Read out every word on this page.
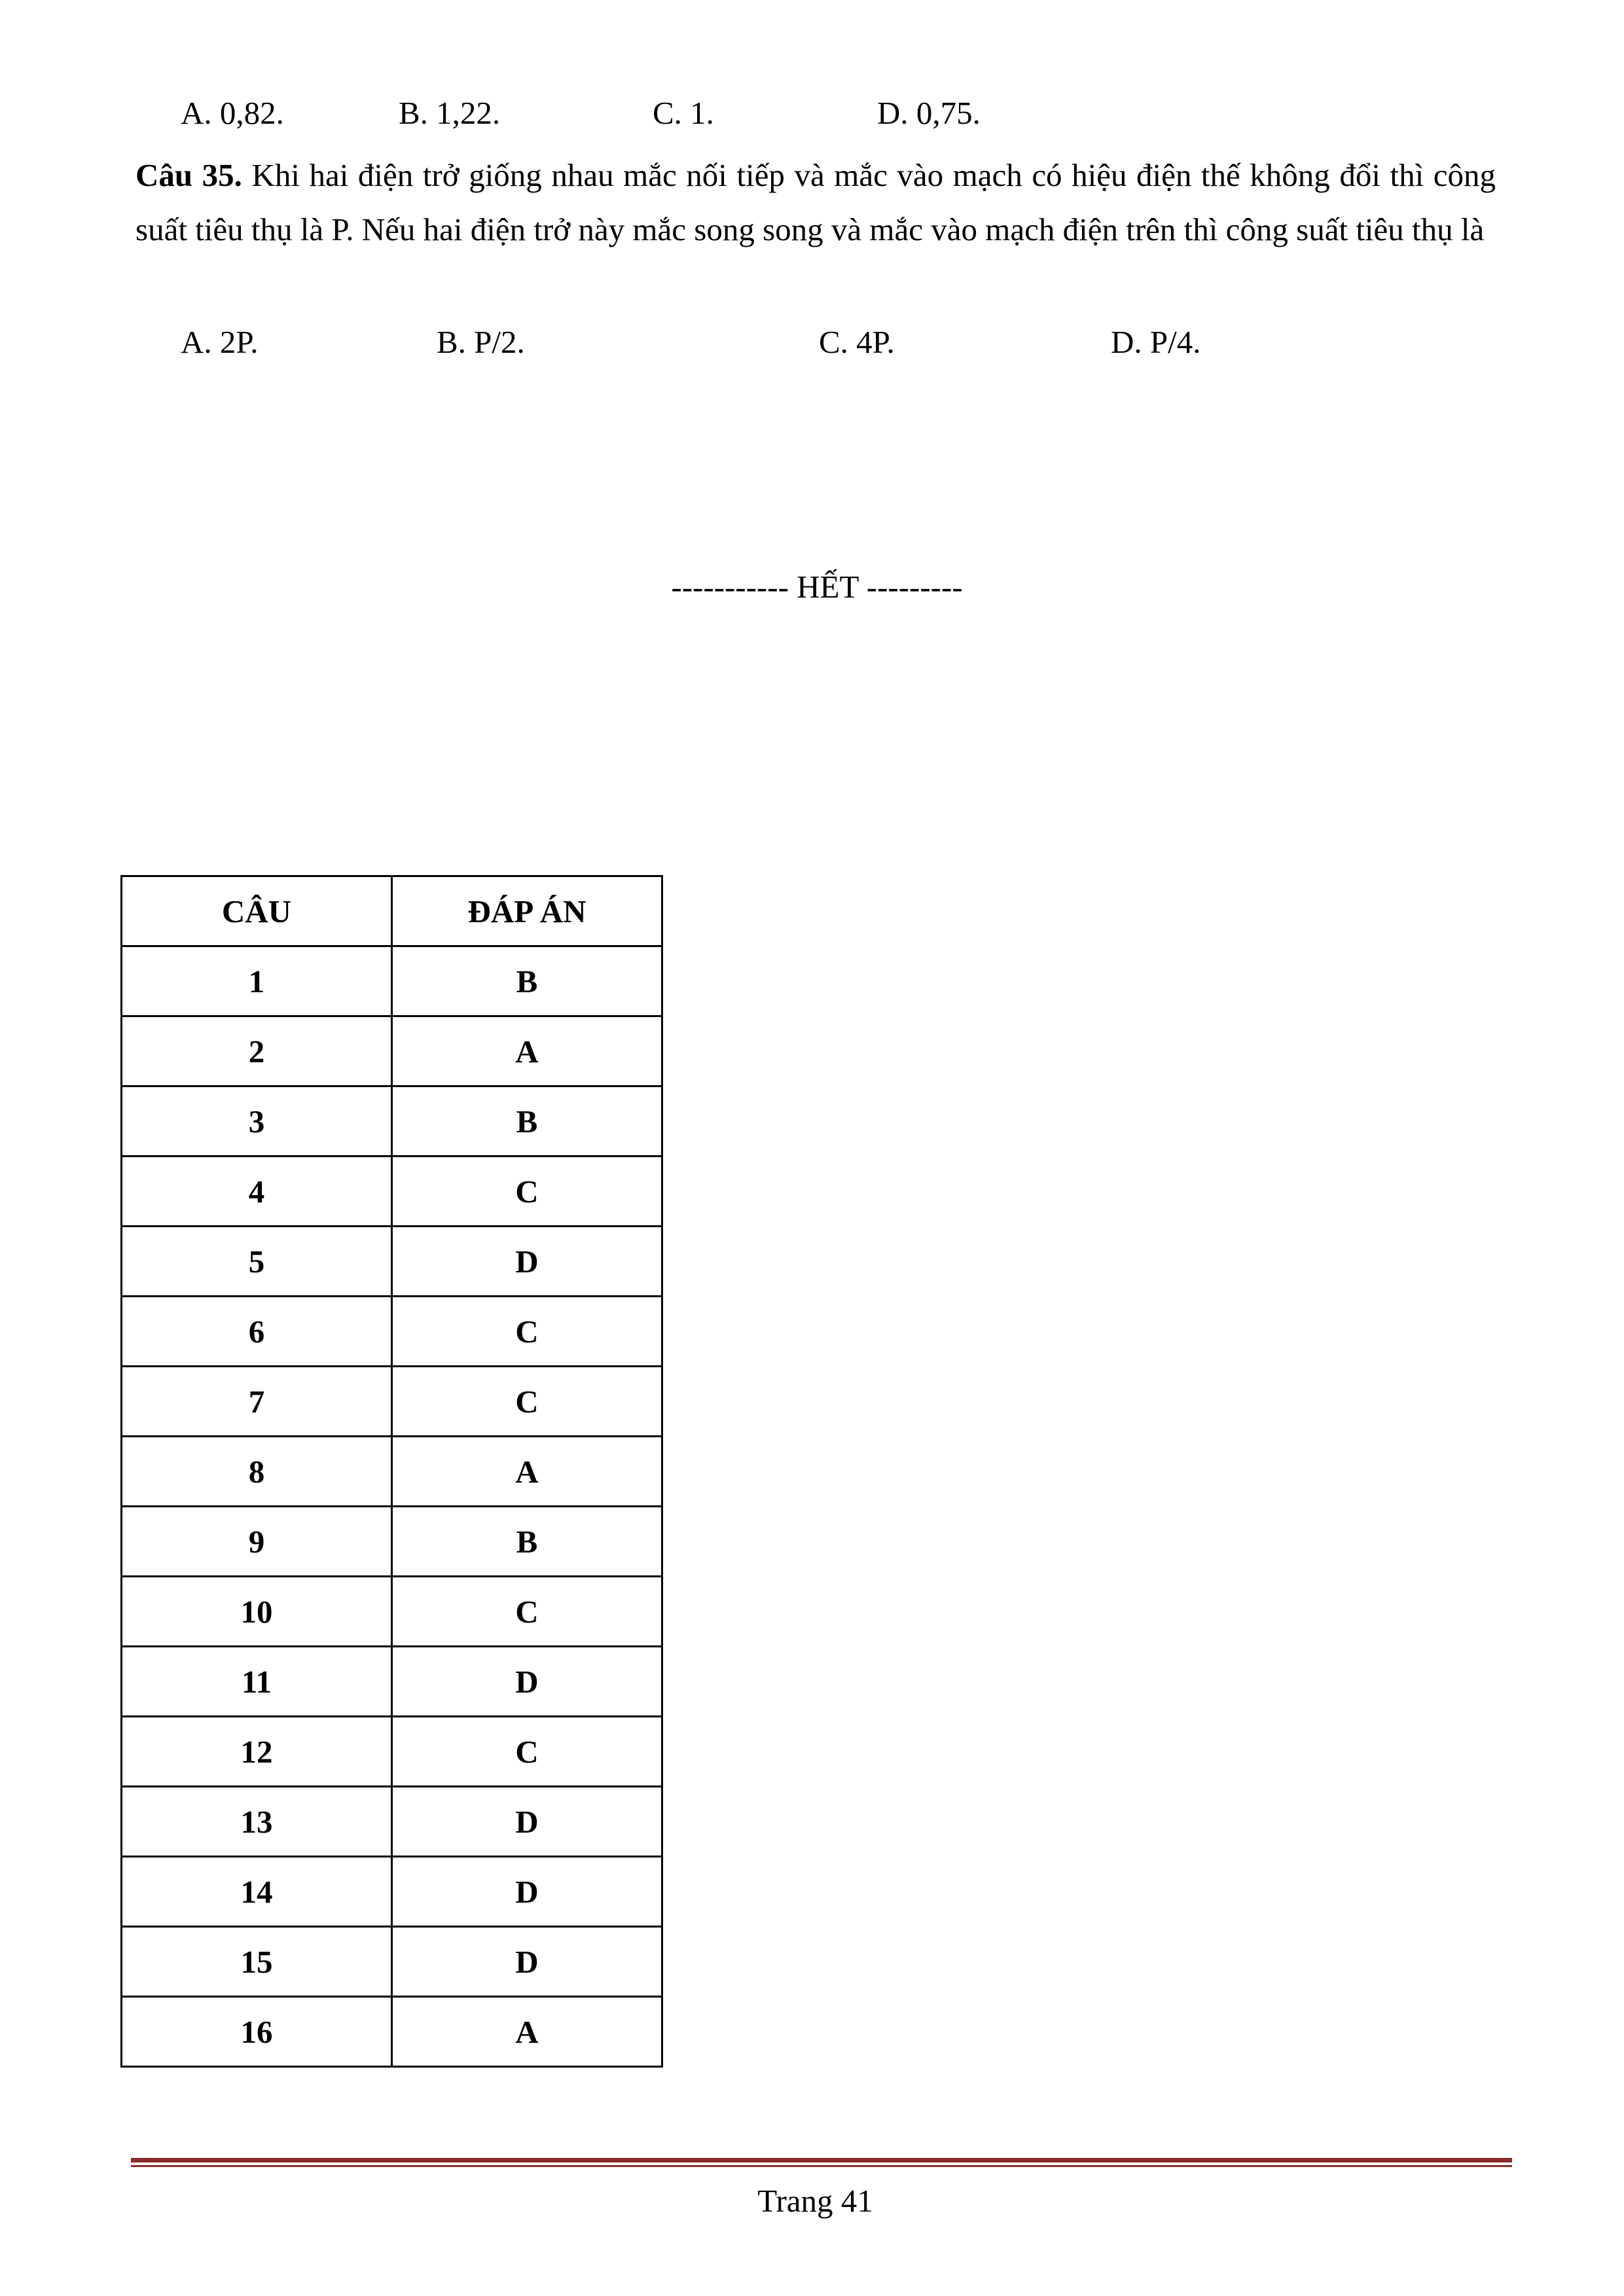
A. 0,82.	B. 1,22.	C. 1.	D. 0,75.
Câu 35. Khi hai điện trở giống nhau mắc nối tiếp và mắc vào mạch có hiệu điện thế không đổi thì công suất tiêu thụ là P. Nếu hai điện trở này mắc song song và mắc vào mạch điện trên thì công suất tiêu thụ là
A. 2P.	B. P/2.	C. 4P.	D. P/4.
----------- HẾT ---------
CÂU	ĐÁP ÁN
1	B
2	A
3	B
4	C
5	D
6	C
7	C
8	A
9	B
10	C
11	D
12	C
13	D
14	D
15	D
16	A
Trang 41
